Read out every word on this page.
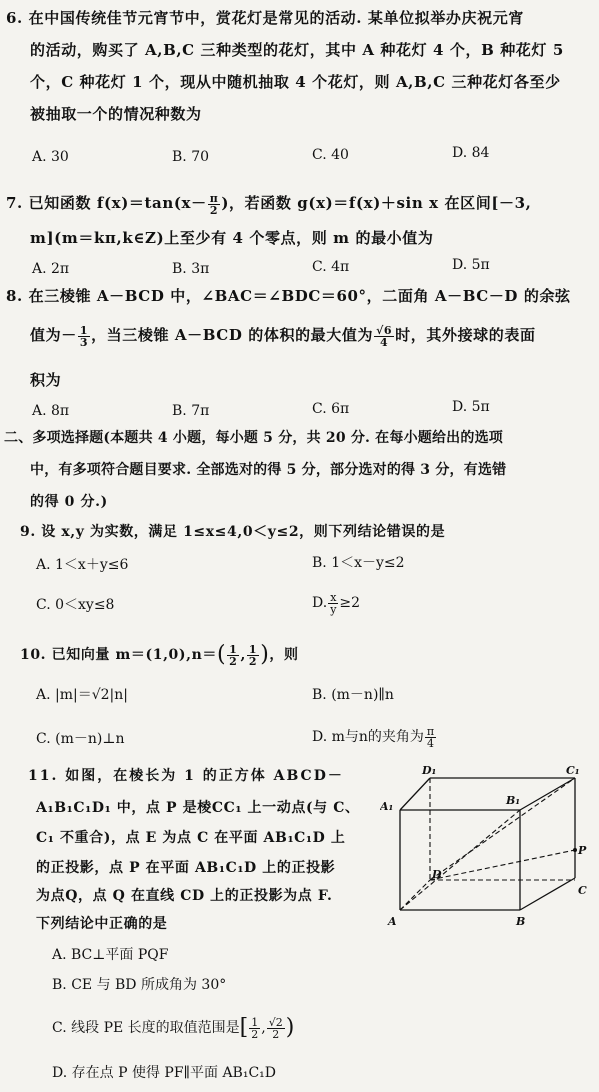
6. 在中国传统佳节元宵节中，赏花灯是常见的活动. 某单位拟举办庆祝元宵
的活动，购买了 A,B,C 三种类型的花灯，其中 A 种花灯 4 个，B 种花灯 5
个，C 种花灯 1 个，现从中随机抽取 4 个花灯，则 A,B,C 三种花灯各至少
被抽取一个的情况种数为
A. 30	B. 70	C. 40	D. 84
7. 已知函数 $f(x)=\tan(x- \frac{\pi}{2}$ )，若函数 g(x)＝f(x)＋sin x 在区间[－3,
m](m＝kπ,k∈Z)上至少有 4 个零点，则 m 的最小值为
A. 2π	B. 3π	C. 4π	D. 5π
8. 在三棱锥 A－BCD 中，∠BAC＝∠BDC＝60°，二面角 A－BC－D 的余弦
值为－ $\frac{1}{3}$ ，当三棱锥 A－BCD 的体积的最大值为 $\frac{√6}{4}$ 时，其外接球的表面
积为
A. 8π	B. 7π	C. 6π	D. 5π
二、多项选择题(本题共 4 小题，每小题 5 分，共 20 分. 在每小题给出的选项
中，有多项符合题目要求. 全部选对的得 5 分，部分选对的得 3 分，有选错
的得 0 分.)
9. 设 x,y 为实数，满足 1≤x≤4,0＜y≤2，则下列结论错误的是
A. 1＜x＋y≤6	B. 1＜x－y≤2
C. 0＜xy≤8	D. $\frac{x}{y} \ge 2$
10. 已知向量 $m=(1,0),n=( \frac{1}{2}$ , $\frac{1}{2}$ )，则
A. |m|＝√2|n|	B. (m－n)∥n
C. (m－n)⊥n	D. m与n的夹角为 $\frac{\pi}{4}$
11. 如图，在棱长为 1 的正方体 ABCD－
A₁B₁C₁D₁ 中，点 P 是棱CC₁ 上一动点(与 C、
C₁ 不重合)，点 E 为点 C 在平面 AB₁C₁D 上
的正投影，点 P 在平面 AB₁C₁D 上的正投影
为点Q，点 Q 在直线 CD 上的正投影为点 F.
下列结论中正确的是
A. BC⊥平面 PQF
B. CE 与 BD 所成角为 30°
C. 线段 PE 长度的取值范围是[ $\frac{1}{2}$ , $\frac{√2}{2}$ )
D. 存在点 P 使得 PF∥平面 AB₁C₁D
A	B
C
D
A₁	B₁
C₁
D₁
P
